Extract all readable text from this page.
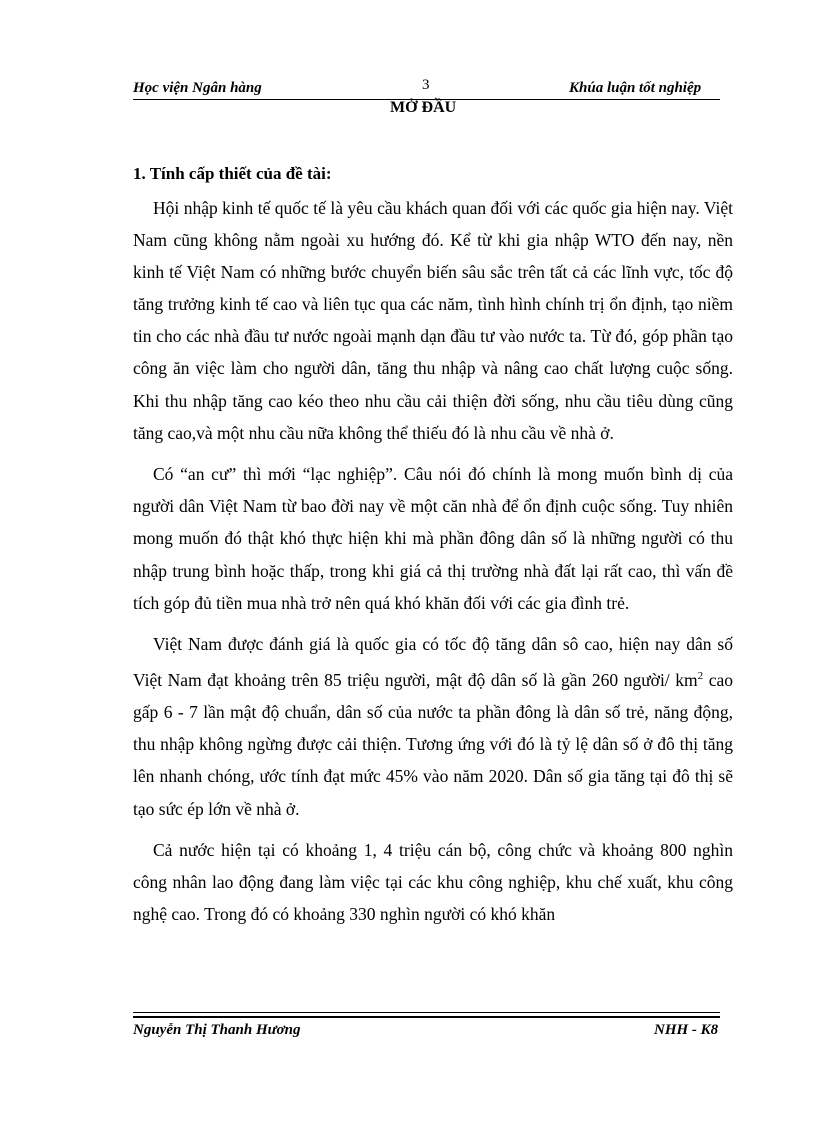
Học viện Ngân hàng	3	Khúa luận tốt nghiệp
MỞ ĐẦU
1. Tính cấp thiết của đề tài:

Hội nhập kinh tế quốc tế là yêu cầu khách quan đối với các quốc gia hiện nay. Việt Nam cũng không nằm ngoài xu hướng đó. Kể từ khi gia nhập WTO đến nay, nền kinh tế Việt Nam có những bước chuyển biến sâu sắc trên tất cả các lĩnh vực, tốc độ tăng trưởng kinh tế cao và liên tục qua các năm, tình hình chính trị ổn định, tạo niềm tin cho các nhà đầu tư nước ngoài mạnh dạn đầu tư vào nước ta. Từ đó, góp phần tạo công ăn việc làm cho người dân, tăng thu nhập và nâng cao chất lượng cuộc sống. Khi thu nhập tăng cao kéo theo nhu cầu cải thiện đời sống, nhu cầu tiêu dùng cũng tăng cao,và một nhu cầu nữa không thể thiếu đó là nhu cầu về nhà ở.

Có “an cư” thì mới “lạc nghiệp”. Câu nói đó chính là mong muốn bình dị của người dân Việt Nam từ bao đời nay về một căn nhà để ổn định cuộc sống. Tuy nhiên mong muốn đó thật khó thực hiện khi mà phần đông dân số là những người có thu nhập trung bình hoặc thấp, trong khi giá cả thị trường nhà đất lại rất cao, thì vấn đề tích góp đủ tiền mua nhà trở nên quá khó khăn đối với các gia đình trẻ.

Việt Nam được đánh giá là quốc gia có tốc độ tăng dân sô cao, hiện nay dân số Việt Nam đạt khoảng trên 85 triệu người, mật độ dân số là gần 260 người/ $km^2$ cao gấp 6 - 7 lần mật độ chuẩn, dân số của nước ta phần đông là dân số trẻ, năng động, thu nhập không ngừng được cải thiện. Tương ứng với đó là tỷ lệ dân số ở đô thị tăng lên nhanh chóng, ước tính đạt mức 45% vào năm 2020. Dân số gia tăng tại đô thị sẽ tạo sức ép lớn về nhà ở.

Cả nước hiện tại có khoảng 1, 4 triệu cán bộ, công chức và khoảng 800 nghìn công nhân lao động đang làm việc tại các khu công nghiệp, khu chế xuất, khu công nghệ cao. Trong đó có khoảng 330 nghìn người có khó khăn

Nguyễn Thị Thanh Hương	NHH - K8
